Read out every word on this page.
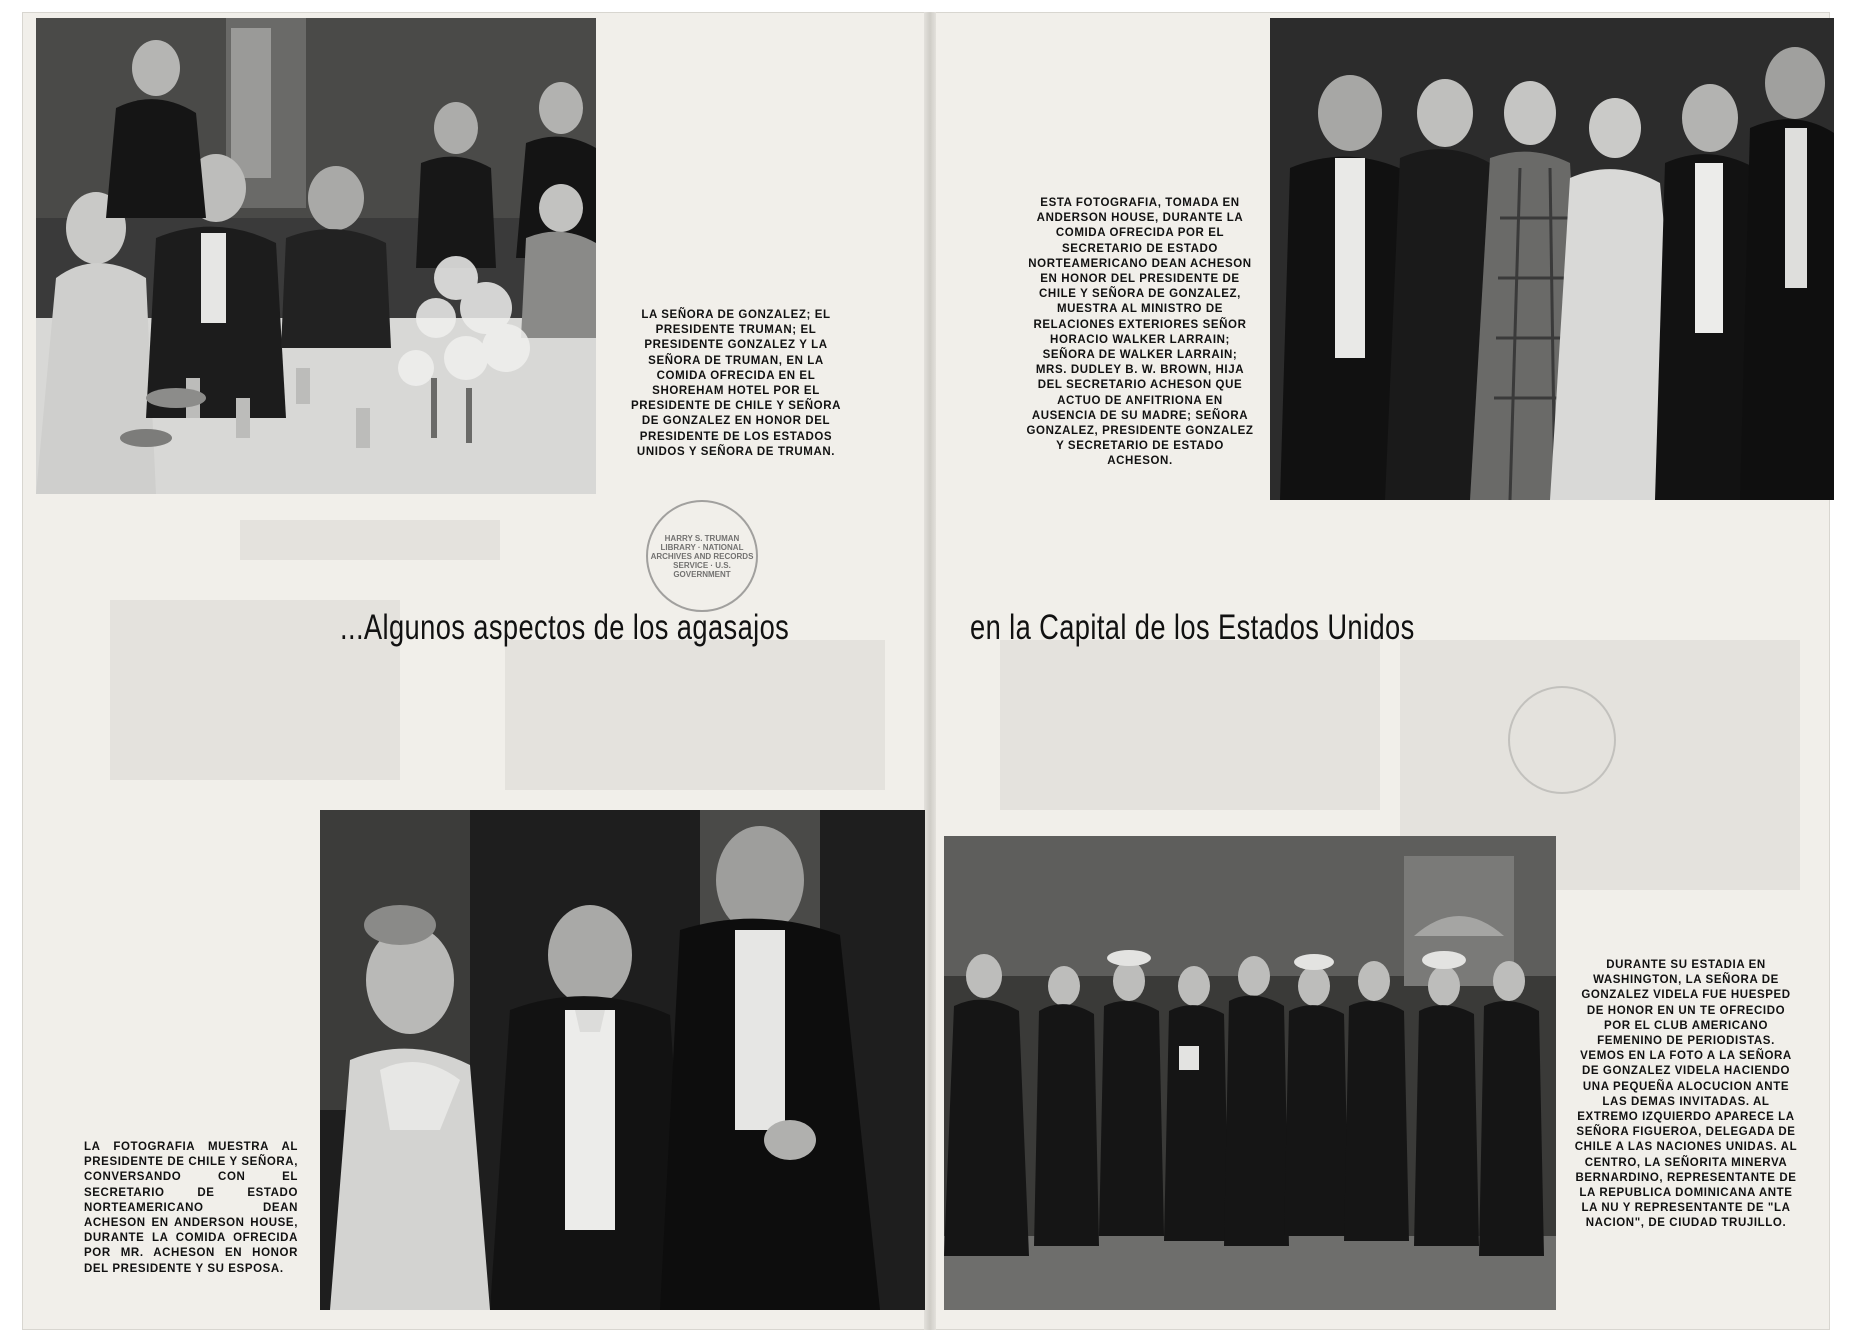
LA SEÑORA DE GONZALEZ; EL PRESIDENTE TRUMAN; EL PRESIDENTE GONZALEZ Y LA SEÑORA DE TRUMAN, EN LA COMIDA OFRECIDA EN EL SHOREHAM HOTEL POR EL PRESIDENTE DE CHILE Y SEÑORA DE GONZALEZ EN HONOR DEL PRESIDENTE DE LOS ESTADOS UNIDOS Y SEÑORA DE TRUMAN.
ESTA FOTOGRAFIA, TOMADA EN ANDERSON HOUSE, DURANTE LA COMIDA OFRECIDA POR EL SECRETARIO DE ESTADO NORTEAMERICANO DEAN ACHESON EN HONOR DEL PRESIDENTE DE CHILE Y SEÑORA DE GONZALEZ, MUESTRA AL MINISTRO DE RELACIONES EXTERIORES SEÑOR HORACIO WALKER LARRAIN; SEÑORA DE WALKER LARRAIN; MRS. DUDLEY B. W. BROWN, HIJA DEL SECRETARIO ACHESON QUE ACTUO DE ANFITRIONA EN AUSENCIA DE SU MADRE; SEÑORA GONZALEZ, PRESIDENTE GONZALEZ Y SECRETARIO DE ESTADO ACHESON.
...Algunos aspectos de los agasajos	en la Capital de los Estados Unidos
HARRY S. TRUMAN LIBRARY · NATIONAL ARCHIVES AND RECORDS SERVICE · U.S. GOVERNMENT
LA FOTOGRAFIA MUESTRA AL PRESIDENTE DE CHILE Y SEÑORA, CONVERSANDO CON EL SECRETARIO DE ESTADO NORTEAMERICANO DEAN ACHESON EN ANDERSON HOUSE, DURANTE LA COMIDA OFRECIDA POR MR. ACHESON EN HONOR DEL PRESIDENTE Y SU ESPOSA.
DURANTE SU ESTADIA EN WASHINGTON, LA SEÑORA DE GONZALEZ VIDELA FUE HUESPED DE HONOR EN UN TE OFRECIDO POR EL CLUB AMERICANO FEMENINO DE PERIODISTAS. VEMOS EN LA FOTO A LA SEÑORA DE GONZALEZ VIDELA HACIENDO UNA PEQUEÑA ALOCUCION ANTE LAS DEMAS INVITADAS. AL EXTREMO IZQUIERDO APARECE LA SEÑORA FIGUEROA, DELEGADA DE CHILE A LAS NACIONES UNIDAS. AL CENTRO, LA SEÑORITA MINERVA BERNARDINO, REPRESENTANTE DE LA REPUBLICA DOMINICANA ANTE LA NU Y REPRESENTANTE DE "LA NACION", DE CIUDAD TRUJILLO.
